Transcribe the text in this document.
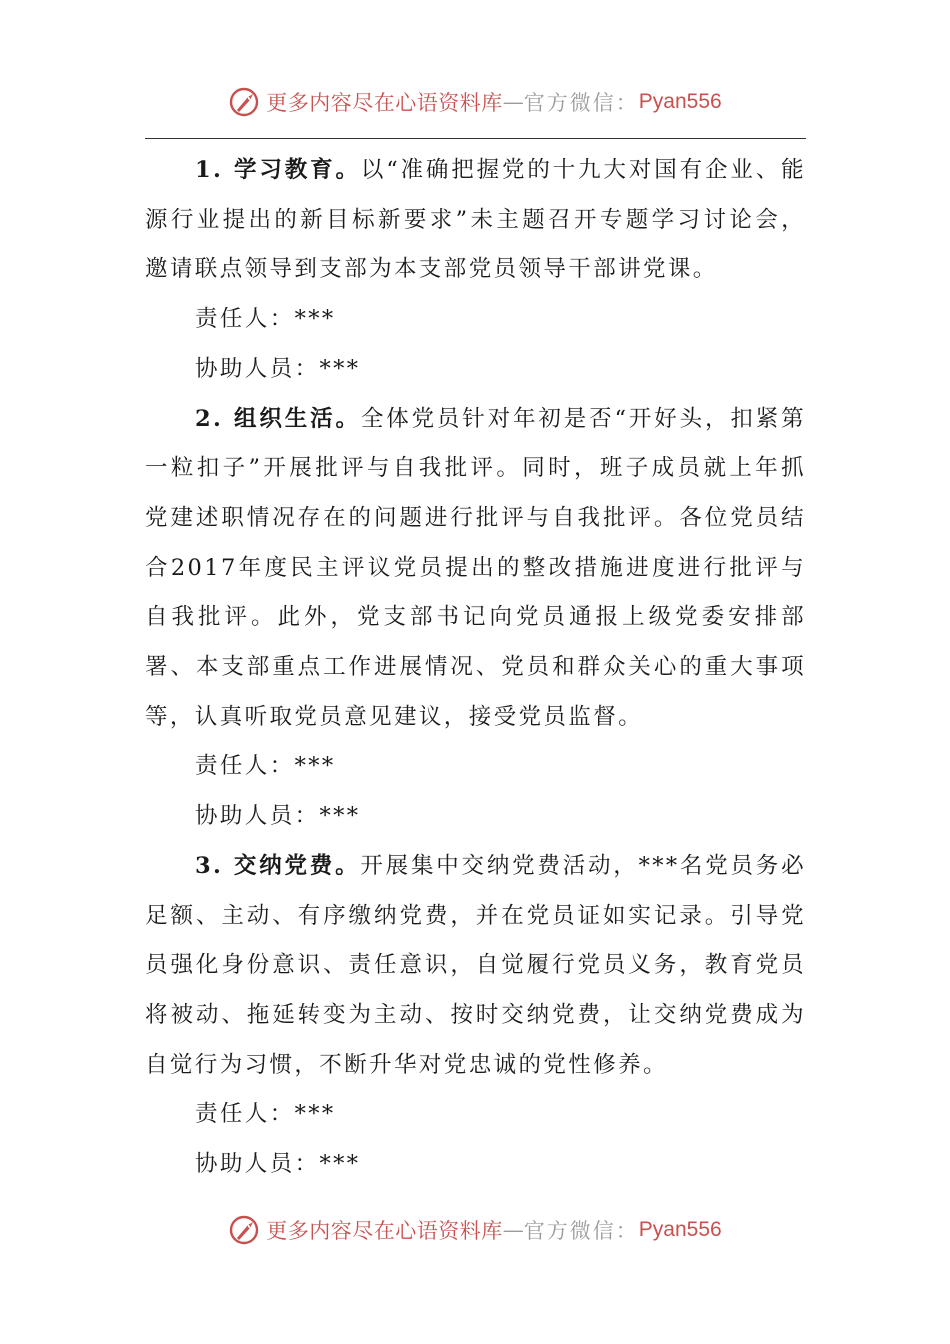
更多内容尽在心语资料库 — 官方微信： Pyan556

1. 学习教育。以“准确把握党的十九大对国有企业、能源行业提出的新目标新要求”未主题召开专题学习讨论会，邀请联点领导到支部为本支部党员领导干部讲党课。

责任人：***

协助人员：***

2. 组织生活。全体党员针对年初是否“开好头，扣紧第一粒扣子”开展批评与自我批评。同时，班子成员就上年抓党建述职情况存在的问题进行批评与自我批评。各位党员结合2017年度民主评议党员提出的整改措施进度进行批评与自我批评。此外，党支部书记向党员通报上级党委安排部署、本支部重点工作进展情况、党员和群众关心的重大事项等，认真听取党员意见建议，接受党员监督。

责任人：***

协助人员：***

3. 交纳党费。开展集中交纳党费活动，***名党员务必足额、主动、有序缴纳党费，并在党员证如实记录。引导党员强化身份意识、责任意识，自觉履行党员义务，教育党员将被动、拖延转变为主动、按时交纳党费，让交纳党费成为自觉行为习惯，不断升华对党忠诚的党性修养。

责任人：***

协助人员：***

更多内容尽在心语资料库 — 官方微信： Pyan556
